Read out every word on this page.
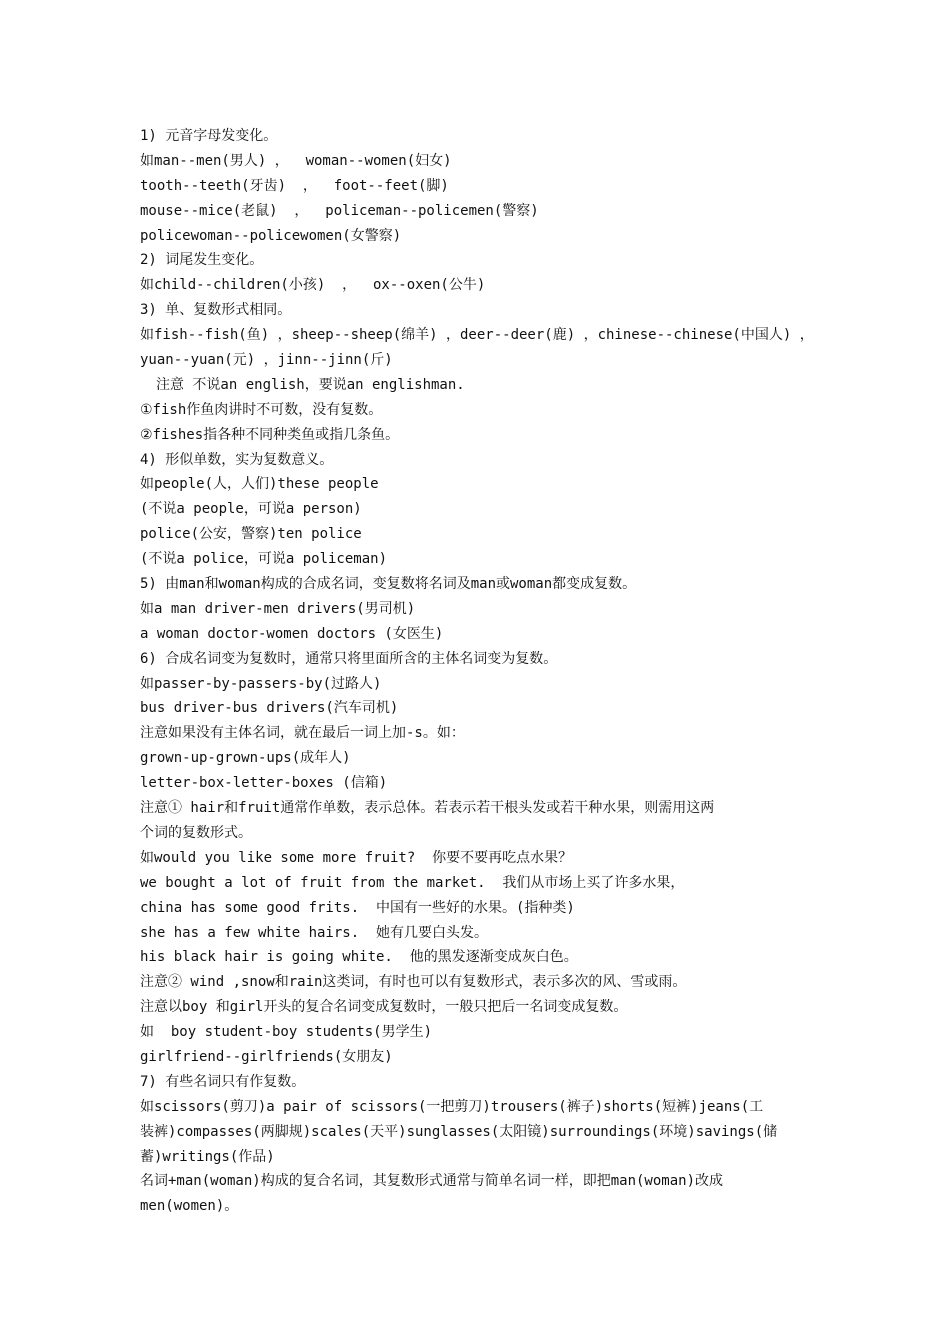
1) 元音字母发变化。
如man--men(男人) ，  woman--women(妇女)
tooth--teeth(牙齿)  ，  foot--feet(脚)
mouse--mice(老鼠)  ，  policeman--policemen(警察)
policewoman--policewomen(女警察)
2) 词尾发生变化。
如child--children(小孩)  ，  ox--oxen(公牛)
3) 单、复数形式相同。
如fish--fish(鱼) ，sheep--sheep(绵羊) ，deer--deer(鹿) ，chinese--chinese(中国人) ，
yuan--yuan(元) ，jinn--jinn(斤)
注意 不说an english，要说an englishman.
①fish作鱼肉讲时不可数，没有复数。
②fishes指各种不同种类鱼或指几条鱼。
4) 形似单数，实为复数意义。
如people(人，人们)these people
(不说a people，可说a person)
police(公安，警察)ten police
(不说a police，可说a policeman)
5) 由man和woman构成的合成名词，变复数将名词及man或woman都变成复数。
如a man driver-men drivers(男司机)
a woman doctor-women doctors (女医生)
6) 合成名词变为复数时，通常只将里面所含的主体名词变为复数。
如passer-by-passers-by(过路人)
bus driver-bus drivers(汽车司机)
注意如果没有主体名词，就在最后一词上加-s。如：
grown-up-grown-ups(成年人)
letter-box-letter-boxes (信箱)
注意① hair和fruit通常作单数，表示总体。若表示若干根头发或若干种水果，则需用这两
个词的复数形式。
如would you like some more fruit?  你要不要再吃点水果？
we bought a lot of fruit from the market.  我们从市场上买了许多水果，
china has some good frits.  中国有一些好的水果。(指种类)
she has a few white hairs.  她有几要白头发。
his black hair is going white.  他的黑发逐渐变成灰白色。
注意② wind ,snow和rain这类词，有时也可以有复数形式，表示多次的风、雪或雨。
注意以boy 和girl开头的复合名词变成复数时，一般只把后一名词变成复数。
如  boy student-boy students(男学生)
girlfriend--girlfriends(女朋友)
7) 有些名词只有作复数。
如scissors(剪刀)a pair of scissors(一把剪刀)trousers(裤子)shorts(短裤)jeans(工
装裤)compasses(两脚规)scales(天平)sunglasses(太阳镜)surroundings(环境)savings(储
蓄)writings(作品)
名词+man(woman)构成的复合名词，其复数形式通常与简单名词一样，即把man(woman)改成
men(women)。
